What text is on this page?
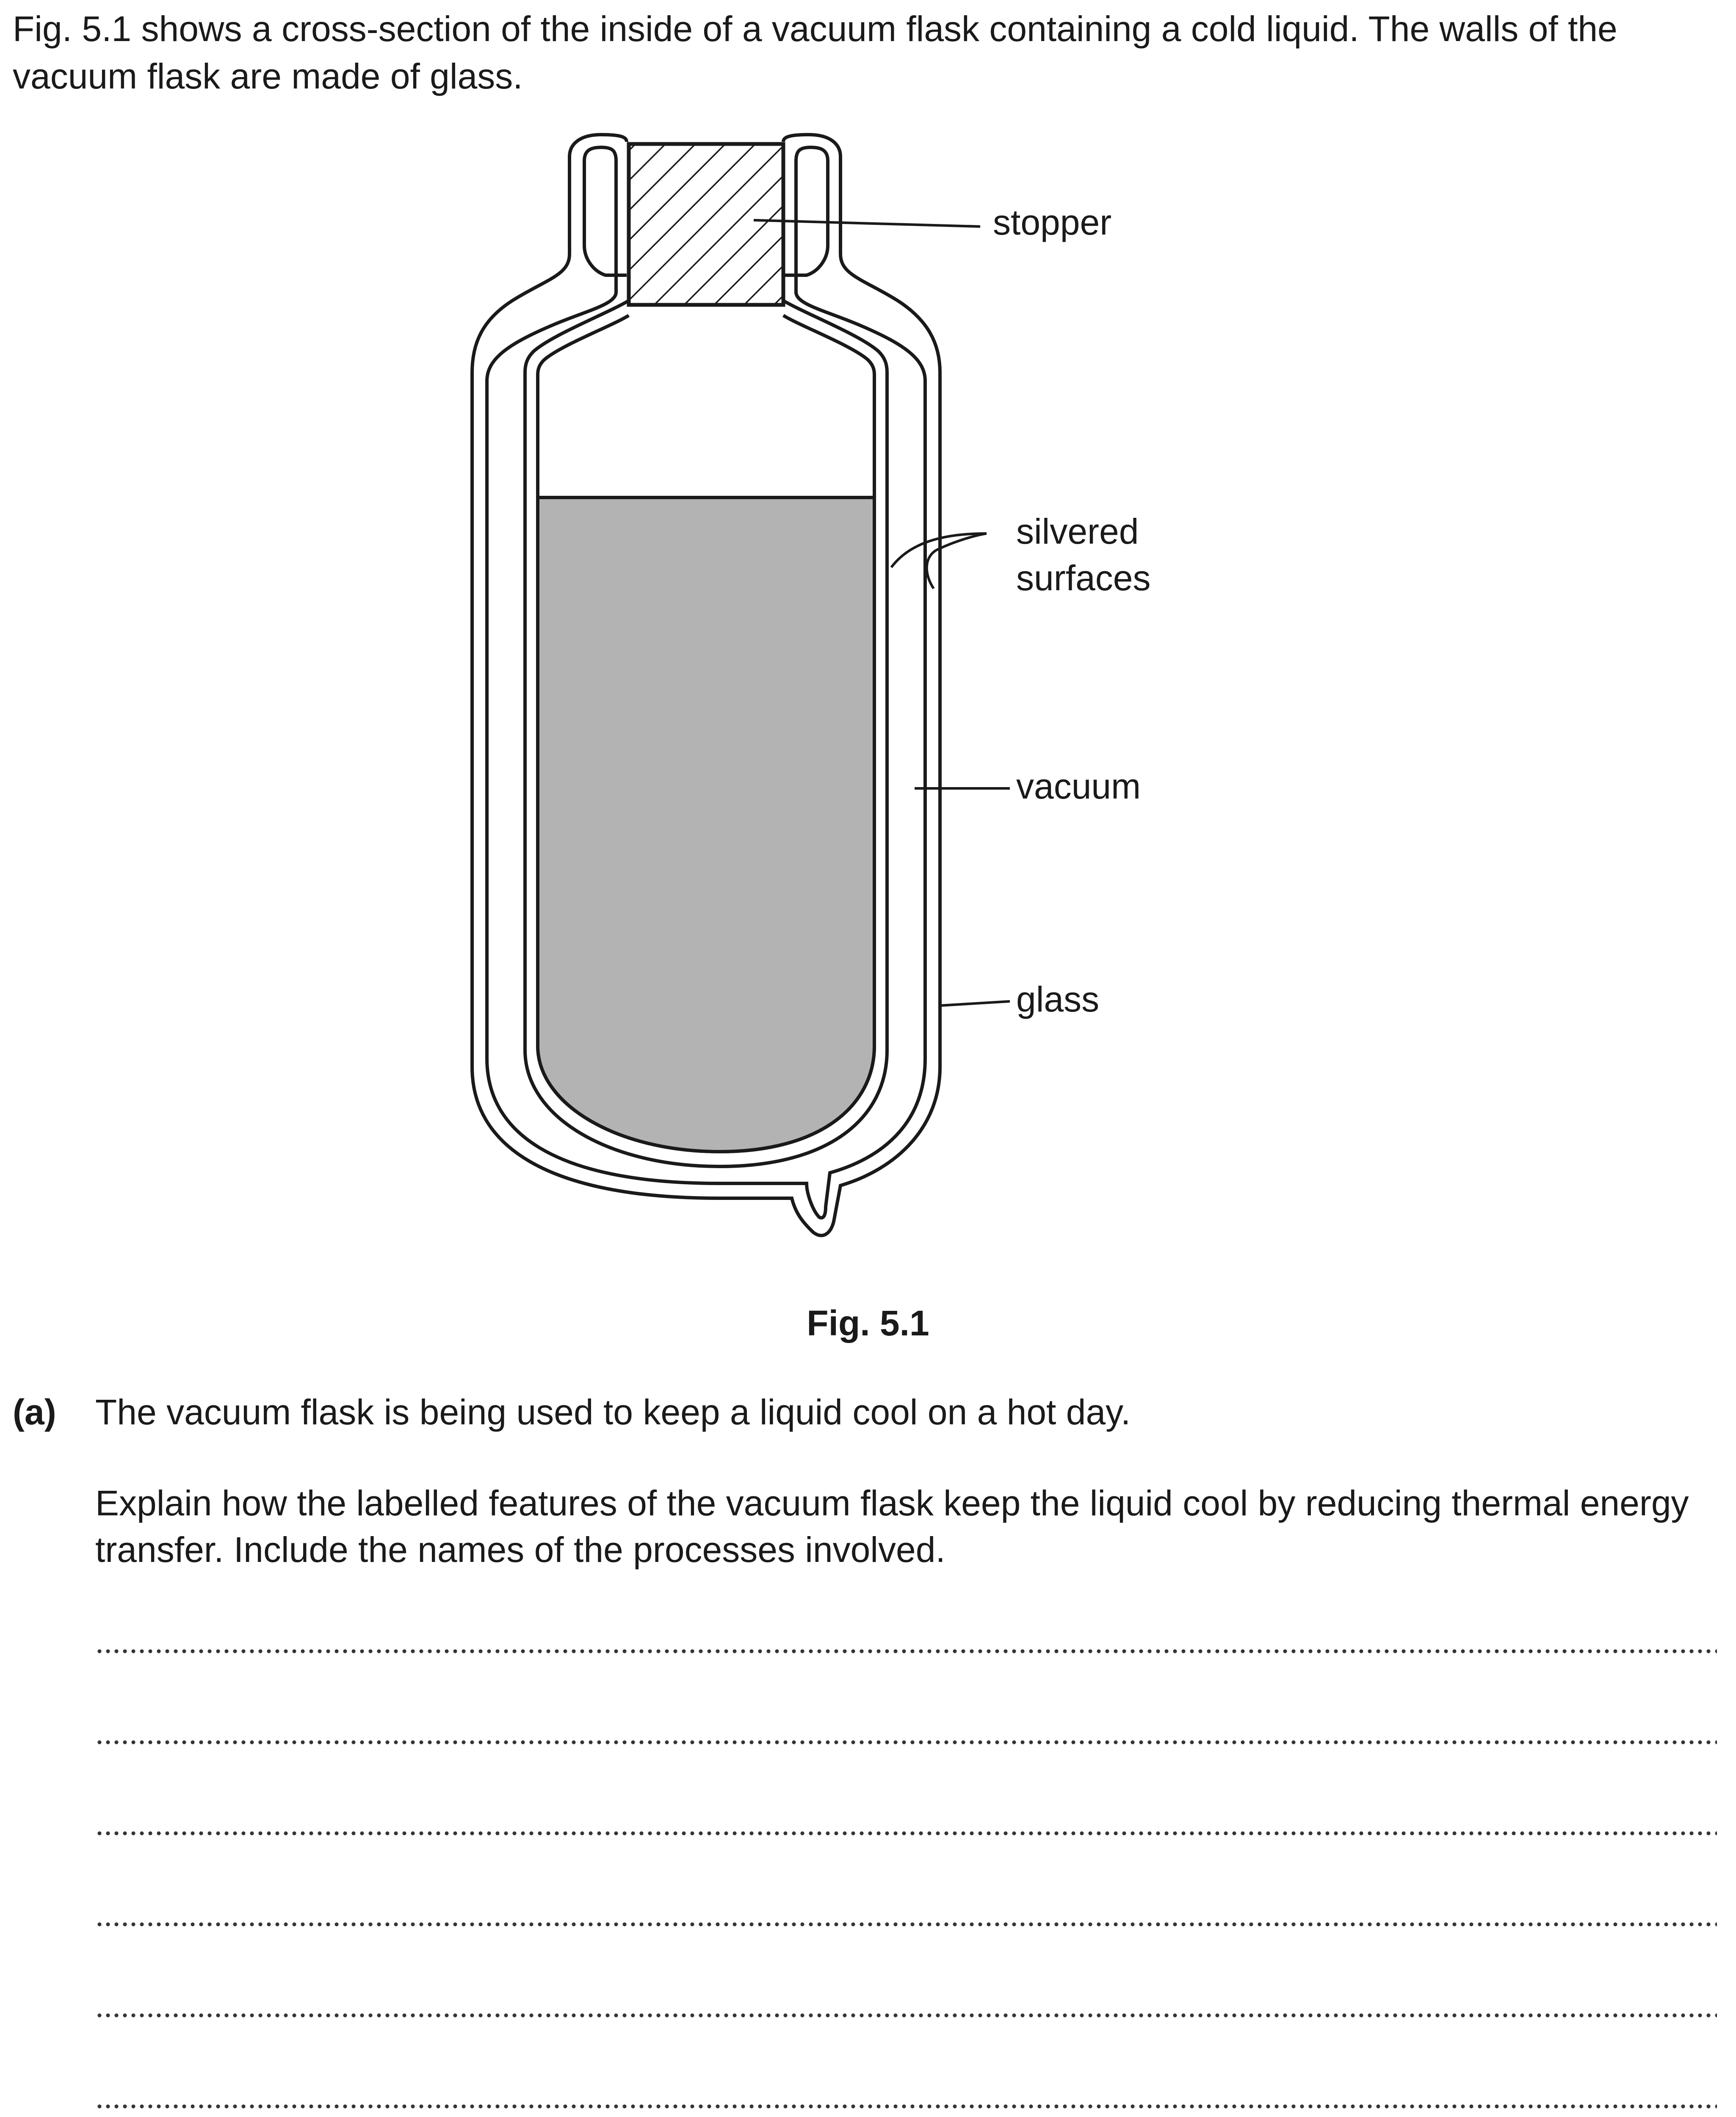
Fig. 5.1 shows a cross-section of the inside of a vacuum flask containing a cold liquid. The walls of the vacuum flask are made of glass.

stopper
silvered
surfaces
vacuum
glass
Fig. 5.1
(a) The vacuum flask is being used to keep a liquid cool on a hot day.

Explain how the labelled features of the vacuum flask keep the liquid cool by reducing thermal energy transfer. Include the names of the processes involved.
